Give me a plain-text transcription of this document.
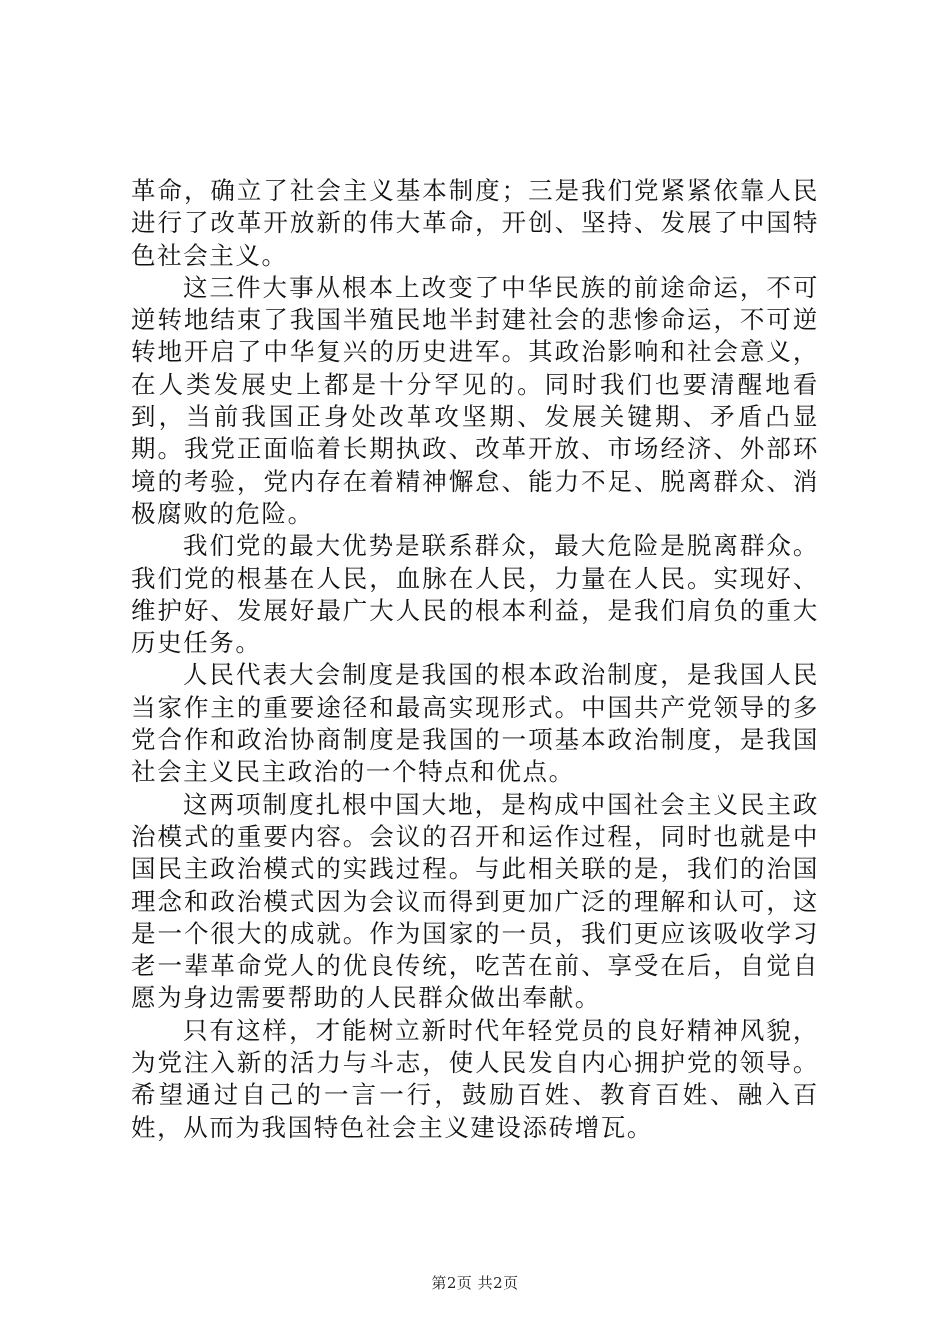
革命，确立了社会主义基本制度；三是我们党紧紧依靠人民进行了改革开放新的伟大革命，开创、坚持、发展了中国特色社会主义。

这三件大事从根本上改变了中华民族的前途命运，不可逆转地结束了我国半殖民地半封建社会的悲惨命运，不可逆转地开启了中华复兴的历史进军。其政治影响和社会意义，在人类发展史上都是十分罕见的。同时我们也要清醒地看到，当前我国正身处改革攻坚期、发展关键期、矛盾凸显期。我党正面临着长期执政、改革开放、市场经济、外部环境的考验，党内存在着精神懈怠、能力不足、脱离群众、消极腐败的危险。

我们党的最大优势是联系群众，最大危险是脱离群众。我们党的根基在人民，血脉在人民，力量在人民。实现好、维护好、发展好最广大人民的根本利益，是我们肩负的重大历史任务。

人民代表大会制度是我国的根本政治制度，是我国人民当家作主的重要途径和最高实现形式。中国共产党领导的多党合作和政治协商制度是我国的一项基本政治制度，是我国社会主义民主政治的一个特点和优点。

这两项制度扎根中国大地，是构成中国社会主义民主政治模式的重要内容。会议的召开和运作过程，同时也就是中国民主政治模式的实践过程。与此相关联的是，我们的治国理念和政治模式因为会议而得到更加广泛的理解和认可，这是一个很大的成就。作为国家的一员，我们更应该吸收学习老一辈革命党人的优良传统，吃苦在前、享受在后，自觉自愿为身边需要帮助的人民群众做出奉献。

只有这样，才能树立新时代年轻党员的良好精神风貌，为党注入新的活力与斗志，使人民发自内心拥护党的领导。希望通过自己的一言一行，鼓励百姓、教育百姓、融入百姓，从而为我国特色社会主义建设添砖增瓦。

第2页 共2页
